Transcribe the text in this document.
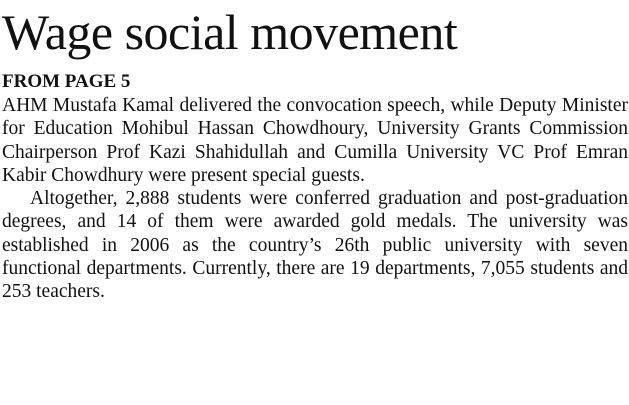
Wage social movement
FROM PAGE 5

AHM Mustafa Kamal delivered the convocation speech, while Deputy Minister for Education Mohibul Hassan Chowdhoury, University Grants Commission Chairperson Prof Kazi Shahidullah and Cumilla University VC Prof Emran Kabir Chowdhury were present special guests.

Altogether, 2,888 students were conferred graduation and post-graduation degrees, and 14 of them were awarded gold medals. The university was established in 2006 as the country’s 26th public university with seven functional departments. Currently, there are 19 departments, 7,055 students and 253 teachers.
